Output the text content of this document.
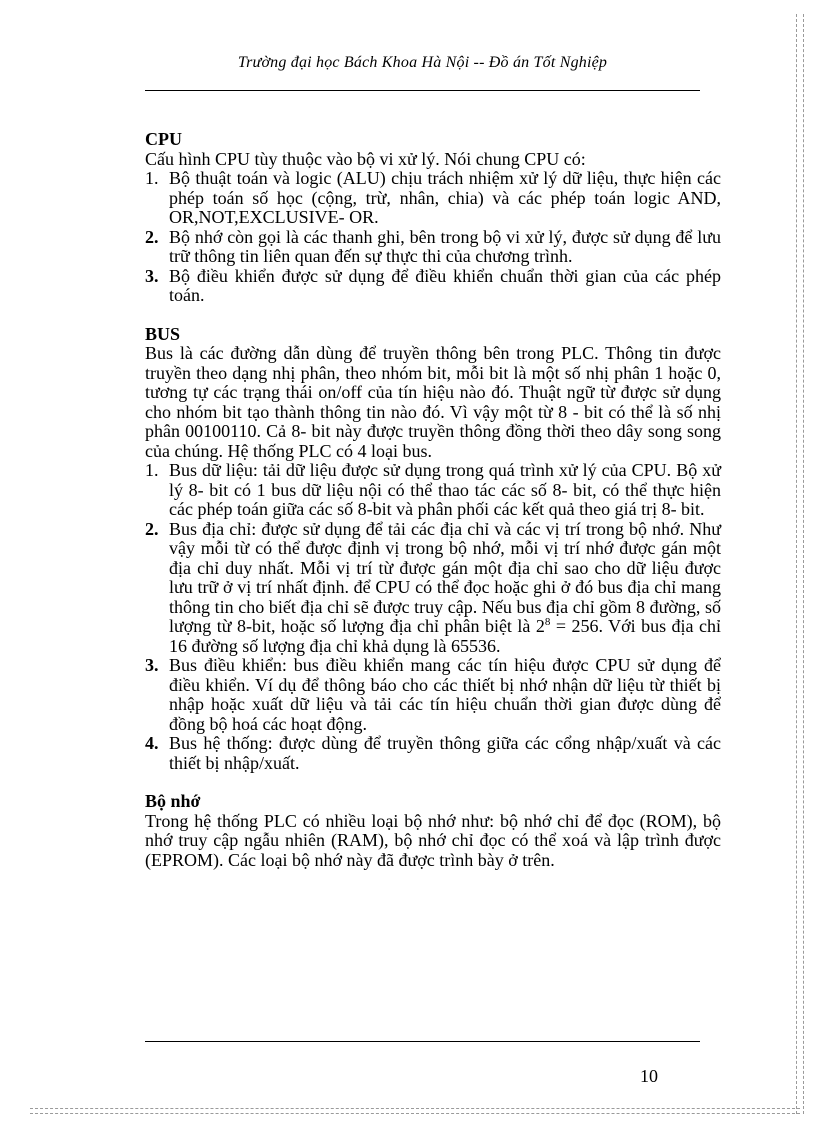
Trường đại học Bách Khoa Hà Nội -- Đồ án Tốt Nghiệp
CPU

Cấu hình CPU tùy thuộc vào bộ vi xử lý. Nói chung CPU có:

1. Bộ thuật toán và logic (ALU) chịu trách nhiệm xử lý dữ liệu, thực hiện các phép toán số học (cộng, trừ, nhân, chia) và các phép toán logic AND, OR,NOT,EXCLUSIVE- OR.
2. Bộ nhớ còn gọi là các thanh ghi, bên trong bộ vi xử lý, được sử dụng để lưu trữ thông tin liên quan đến sự thực thi của chương trình.
3. Bộ điều khiển được sử dụng để điều khiển chuẩn thời gian của các phép toán.
BUS

Bus là các đường dẫn dùng để truyền thông bên trong PLC. Thông tin được truyền theo dạng nhị phân, theo nhóm bit, mỗi bit là một số nhị phân 1 hoặc 0, tương tự các trạng thái on/off của tín hiệu nào đó. Thuật ngữ từ được sử dụng cho nhóm bit tạo thành thông tin nào đó. Vì vậy một từ 8 - bit có thể là số nhị phân 00100110. Cả 8- bit này được truyền thông đồng thời theo dây song song của chúng. Hệ thống PLC có 4 loại bus.

1. Bus dữ liệu: tải dữ liệu được sử dụng trong quá trình xử lý của CPU. Bộ xử lý 8- bit có 1 bus dữ liệu nội có thể thao tác các số 8- bit, có thể thực hiện các phép toán giữa các số 8-bit và phân phối các kết quả theo giá trị 8- bit.
2. Bus địa chỉ: được sử dụng để tải các địa chỉ và các vị trí trong bộ nhớ. Như vậy mỗi từ có thể được định vị trong bộ nhớ, mỗi vị trí nhớ được gán một địa chỉ duy nhất. Mỗi vị trí từ được gán một địa chỉ sao cho dữ liệu được lưu trữ ở vị trí nhất định. để CPU có thể đọc hoặc ghi ở đó bus địa chỉ mang thông tin cho biết địa chỉ sẽ được truy cập. Nếu bus địa chỉ gồm 8 đường, số lượng từ 8-bit, hoặc số lượng địa chỉ phân biệt là $2^8 = 256$. Với bus địa chỉ 16 đường số lượng địa chỉ khả dụng là 65536.
3. Bus điều khiển: bus điều khiển mang các tín hiệu được CPU sử dụng để điều khiển. Ví dụ để thông báo cho các thiết bị nhớ nhận dữ liệu từ thiết bị nhập hoặc xuất dữ liệu và tải các tín hiệu chuẩn thời gian được dùng để đồng bộ hoá các hoạt động.
4. Bus hệ thống: được dùng để truyền thông giữa các cổng nhập/xuất và các thiết bị nhập/xuất.
Bộ nhớ

Trong hệ thống PLC có nhiều loại bộ nhớ như: bộ nhớ chỉ để đọc (ROM), bộ nhớ truy cập ngẫu nhiên (RAM), bộ nhớ chỉ đọc có thể xoá và lập trình được (EPROM). Các loại bộ nhớ này đã được trình bày ở trên.

10
